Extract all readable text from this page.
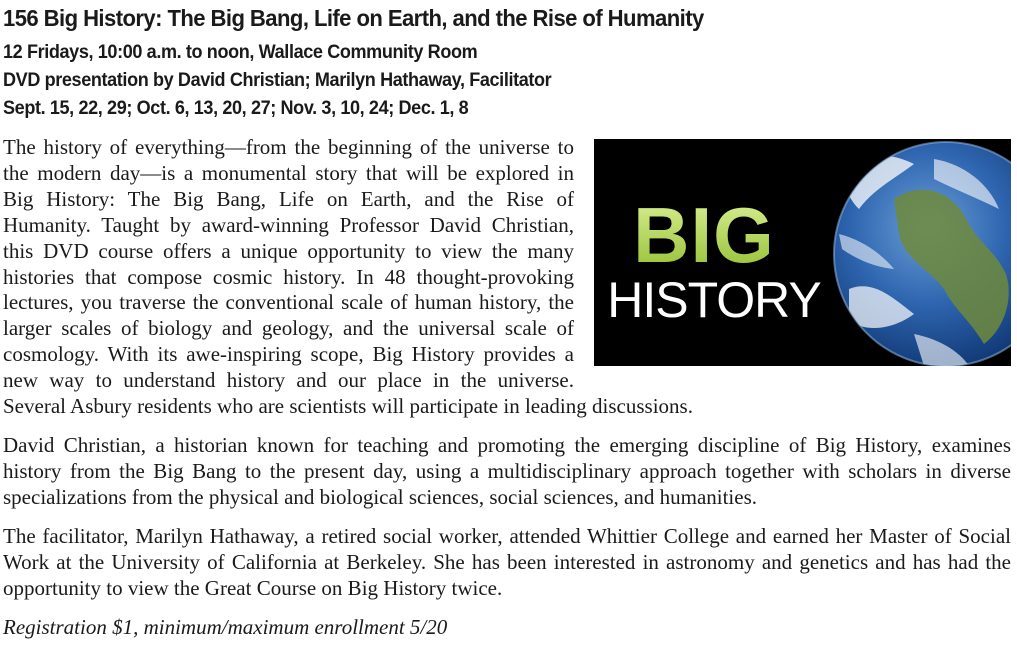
156 Big History: The Big Bang, Life on Earth, and the Rise of Humanity
12 Fridays, 10:00 a.m. to noon, Wallace Community Room
DVD presentation by David Christian; Marilyn Hathaway, Facilitator
Sept. 15, 22, 29; Oct. 6, 13, 20, 27; Nov. 3, 10, 24; Dec. 1, 8
BIG
HISTORY

The history of everything—from the beginning of the universe to the modern day—is a monumental story that will be explored in Big History: The Big Bang, Life on Earth, and the Rise of Humanity. Taught by award-winning Professor David Christian, this DVD course offers a unique opportunity to view the many histories that compose cosmic history. In 48 thought-provoking lectures, you traverse the conventional scale of human history, the larger scales of biology and geology, and the universal scale of cosmology. With its awe-inspiring scope, Big History provides a new way to understand history and our place in the universe. Several Asbury residents who are scientists will participate in leading discussions.

David Christian, a historian known for teaching and promoting the emerging discipline of Big History, examines history from the Big Bang to the present day, using a multidisciplinary approach together with scholars in diverse specializations from the physical and biological sciences, social sciences, and humanities.

The facilitator, Marilyn Hathaway, a retired social worker, attended Whittier College and earned her Master of Social Work at the University of California at Berkeley. She has been interested in astronomy and genetics and has had the opportunity to view the Great Course on Big History twice.

Registration $1, minimum/maximum enrollment 5/20
